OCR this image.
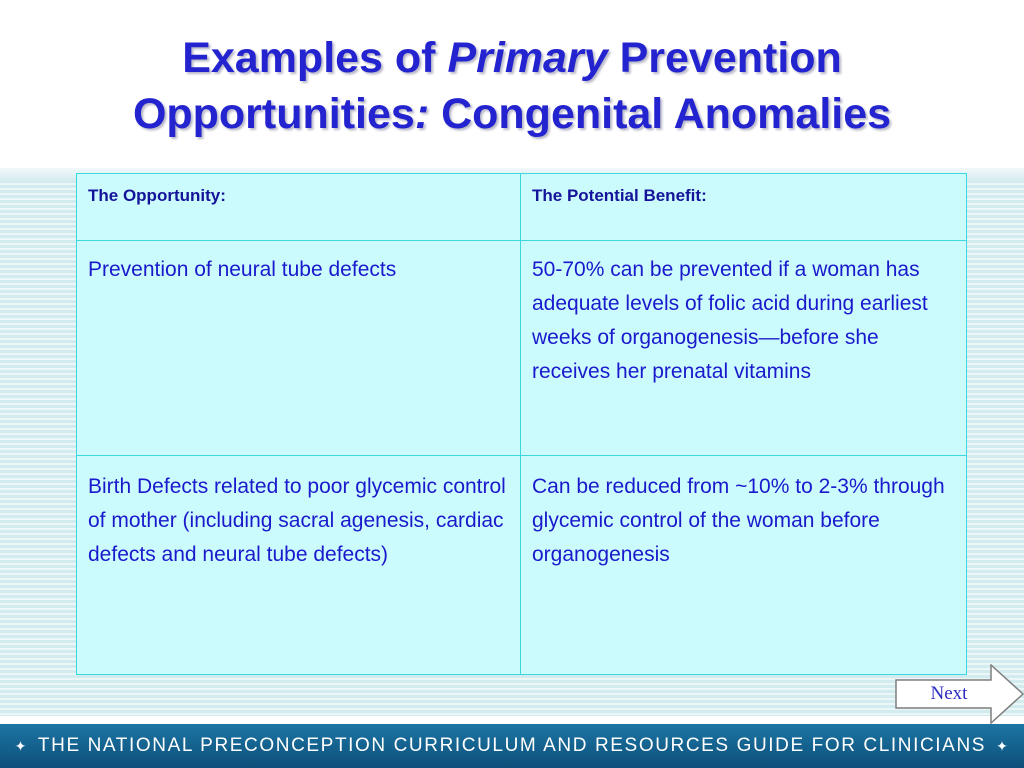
Examples of Primary Prevention
Opportunities: Congenital Anomalies
The Opportunity:	The Potential Benefit:
Prevention of neural tube defects	50-70% can be prevented if a woman has adequate levels of folic acid during earliest weeks of organogenesis—before she receives her prenatal vitamins
Birth Defects related to poor glycemic control of mother (including sacral agenesis, cardiac defects and neural tube defects)	Can be reduced from ~10% to 2-3% through glycemic control of the woman before organogenesis
Next
✦ THE NATIONAL PRECONCEPTION CURRICULUM AND RESOURCES GUIDE FOR CLINICIANS ✦
